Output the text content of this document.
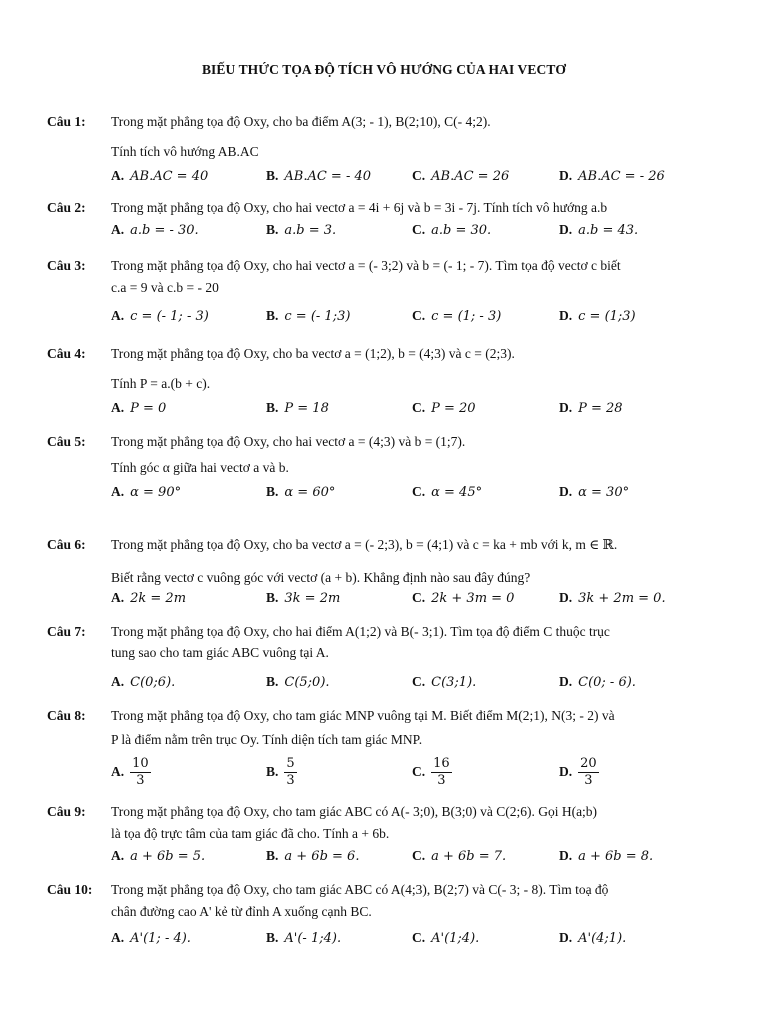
BIẾU THỨC TỌA ĐỘ TÍCH VÔ HƯỚNG CỦA HAI VECTƠ
Câu 1: Trong mặt phẳng tọa độ Oxy, cho ba điểm A(3; - 1), B(2;10), C(- 4;2).
Tính tích vô hướng AB.AC
A. AB.AC = 40	B. AB.AC = - 40	C. AB.AC = 26	D. AB.AC = - 26
Câu 2: Trong mặt phẳng tọa độ Oxy, cho hai vectơ a = 4i + 6j và b = 3i - 7j. Tính tích vô hướng a.b
A. a.b = - 30.	B. a.b = 3.	C. a.b = 30.	D. a.b = 43.
Câu 3: Trong mặt phẳng tọa độ Oxy, cho hai vectơ a = (- 3;2) và b = (- 1; - 7). Tìm tọa độ vectơ c biết
c.a = 9 và c.b = - 20
A. c = (- 1; - 3)	B. c = (- 1;3)	C. c = (1; - 3)	D. c = (1;3)
Câu 4: Trong mặt phẳng tọa độ Oxy, cho ba vectơ a = (1;2), b = (4;3) và c = (2;3).
Tính P = a.(b + c).
A. P = 0	B. P = 18	C. P = 20	D. P = 28
Câu 5: Trong mặt phẳng tọa độ Oxy, cho hai vectơ a = (4;3) và b = (1;7).
Tính góc α giữa hai vectơ a và b.
A. α = 90°	B. α = 60°	C. α = 45°	D. α = 30°
Câu 6: Trong mặt phẳng tọa độ Oxy, cho ba vectơ a = (- 2;3), b = (4;1) và c = ka + mb với k, m ∈ ℝ.
Biết rằng vectơ c vuông góc với vectơ (a + b). Khẳng định nào sau đây đúng?
A. 2k = 2m	B. 3k = 2m	C. 2k + 3m = 0	D. 3k + 2m = 0.
Câu 7: Trong mặt phẳng tọa độ Oxy, cho hai điểm A(1;2) và B(- 3;1). Tìm tọa độ điểm C thuộc trục
tung sao cho tam giác ABC vuông tại A.
A. C(0;6).	B. C(5;0).	C. C(3;1).	D. C(0; - 6).
Câu 8: Trong mặt phẳng tọa độ Oxy, cho tam giác MNP vuông tại M. Biết điểm M(2;1), N(3; - 2) và
P là điểm nằm trên trục Oy. Tính diện tích tam giác MNP.
A. $\frac{10}{3}$	B. $\frac{5}{3}$	C. $\frac{16}{3}$	D. $\frac{20}{3}$
Câu 9: Trong mặt phẳng tọa độ Oxy, cho tam giác ABC có A(- 3;0), B(3;0) và C(2;6). Gọi H(a;b)
là tọa độ trực tâm của tam giác đã cho. Tính a + 6b.
A. a + 6b = 5.	B. a + 6b = 6.	C. a + 6b = 7.	D. a + 6b = 8.
Câu 10: Trong mặt phẳng tọa độ Oxy, cho tam giác ABC có A(4;3), B(2;7) và C(- 3; - 8). Tìm toạ độ
chân đường cao A' kẻ từ đỉnh A xuống cạnh BC.
A. A'(1; - 4).	B. A'(- 1;4).	C. A'(1;4).	D. A'(4;1).
